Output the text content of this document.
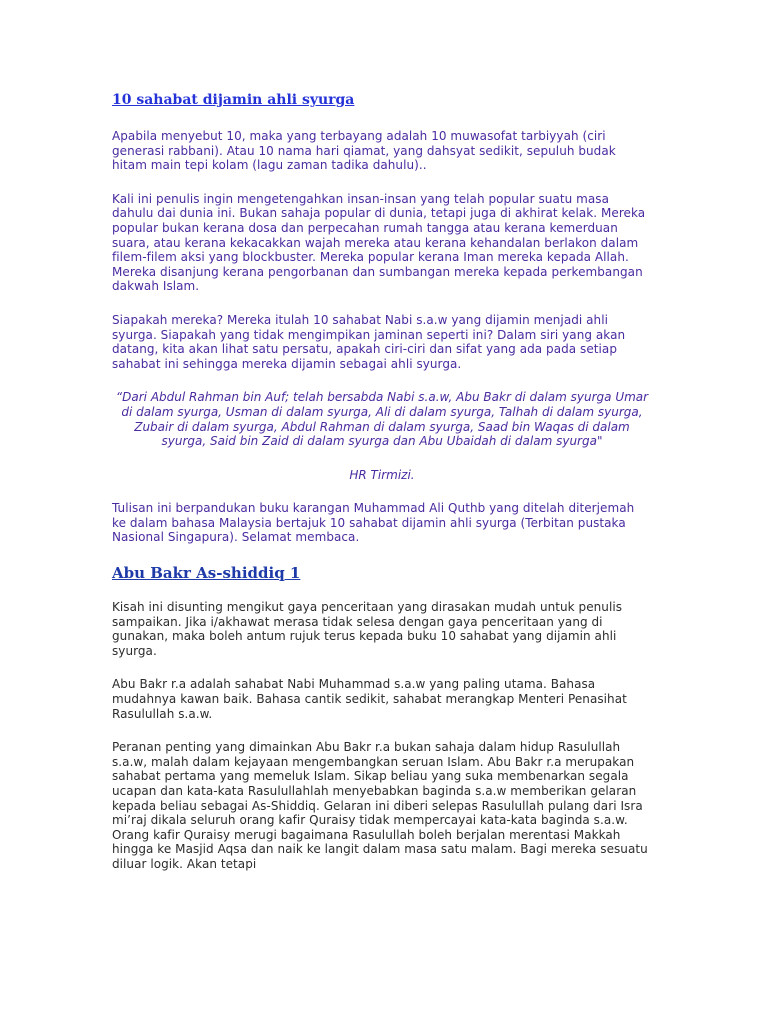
10 sahabat dijamin ahli syurga

Apabila menyebut 10, maka yang terbayang adalah 10 muwasofat tarbiyyah (ciri generasi rabbani). Atau 10 nama hari qiamat, yang dahsyat sedikit, sepuluh budak hitam main tepi kolam (lagu zaman tadika dahulu)..

Kali ini penulis ingin mengetengahkan insan-insan yang telah popular suatu masa dahulu dai dunia ini. Bukan sahaja popular di dunia, tetapi juga di akhirat kelak. Mereka popular bukan kerana dosa dan perpecahan rumah tangga atau kerana kemerduan suara, atau kerana kekacakkan wajah mereka atau kerana kehandalan berlakon dalam filem-filem aksi yang blockbuster. Mereka popular kerana Iman mereka kepada Allah. Mereka disanjung kerana pengorbanan dan sumbangan mereka kepada perkembangan dakwah Islam.

Siapakah mereka? Mereka itulah 10 sahabat Nabi s.a.w yang dijamin menjadi ahli syurga. Siapakah yang tidak mengimpikan jaminan seperti ini? Dalam siri yang akan datang, kita akan lihat satu persatu, apakah ciri-ciri dan sifat yang ada pada setiap sahabat ini sehingga mereka dijamin sebagai ahli syurga.

“Dari Abdul Rahman bin Auf; telah bersabda Nabi s.a.w, Abu Bakr di dalam syurga Umar di dalam syurga, Usman di dalam syurga, Ali di dalam syurga, Talhah di dalam syurga, Zubair di dalam syurga, Abdul Rahman di dalam syurga, Saad bin Waqas di dalam syurga, Said bin Zaid di dalam syurga dan Abu Ubaidah di dalam syurga"

HR Tirmizi.

Tulisan ini berpandukan buku karangan Muhammad Ali Quthb yang ditelah diterjemah ke dalam bahasa Malaysia bertajuk 10 sahabat dijamin ahli syurga (Terbitan pustaka Nasional Singapura). Selamat membaca.

Abu Bakr As-shiddiq 1

Kisah ini disunting mengikut gaya penceritaan yang dirasakan mudah untuk penulis sampaikan. Jika i/akhawat merasa tidak selesa dengan gaya penceritaan yang di gunakan, maka boleh antum rujuk terus kepada buku 10 sahabat yang dijamin ahli syurga.

Abu Bakr r.a adalah sahabat Nabi Muhammad s.a.w yang paling utama. Bahasa mudahnya kawan baik. Bahasa cantik sedikit, sahabat merangkap Menteri Penasihat Rasulullah s.a.w.

Peranan penting yang dimainkan Abu Bakr r.a bukan sahaja dalam hidup Rasulullah s.a.w, malah dalam kejayaan mengembangkan seruan Islam. Abu Bakr r.a merupakan sahabat pertama yang memeluk Islam. Sikap beliau yang suka membenarkan segala ucapan dan kata-kata Rasulullahlah menyebabkan baginda s.a.w memberikan gelaran kepada beliau sebagai As-Shiddiq. Gelaran ini diberi selepas Rasulullah pulang dari Isra mi’raj dikala seluruh orang kafir Quraisy tidak mempercayai kata-kata baginda s.a.w. Orang kafir Quraisy merugi bagaimana Rasulullah boleh berjalan merentasi Makkah hingga ke Masjid Aqsa dan naik ke langit dalam masa satu malam. Bagi mereka sesuatu diluar logik. Akan tetapi
